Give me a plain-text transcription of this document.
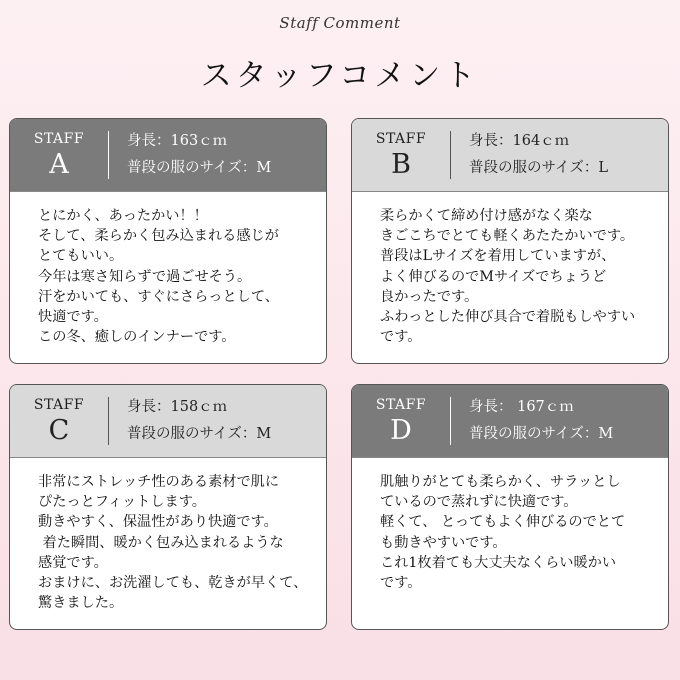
Staff Comment
スタッフコメント
STAFF
A
身長：163ｃｍ
普段の服のサイズ：M
とにかく、あったかい！！
そして、柔らかく包み込まれる感じが
とてもいい。
今年は寒さ知らずで過ごせそう。
汗をかいても、すぐにさらっとして、
快適です。
この冬、癒しのインナーです。
STAFF
B
身長：164ｃｍ
普段の服のサイズ：L
柔らかくて締め付け感がなく楽な
きごこちでとても軽くあたたかいです。
普段はLサイズを着用していますが、
よく伸びるのでMサイズでちょうど
良かったです。
ふわっとした伸び具合で着脱もしやすい
です。
STAFF
C
身長：158ｃｍ
普段の服のサイズ：M
非常にストレッチ性のある素材で肌に
ぴたっとフィットします。
動きやすく、保温性があり快適です。
着た瞬間、暖かく包み込まれるような
感覚です。
おまけに、お洗濯しても、乾きが早くて、
驚きました。
STAFF
D
身長： 167ｃｍ
普段の服のサイズ：M
肌触りがとても柔らかく、サラッとし
ているので蒸れずに快適です。
軽くて、 とってもよく伸びるのでとて
も動きやすいです。
これ1枚着ても大丈夫なくらい暖かい
です。
